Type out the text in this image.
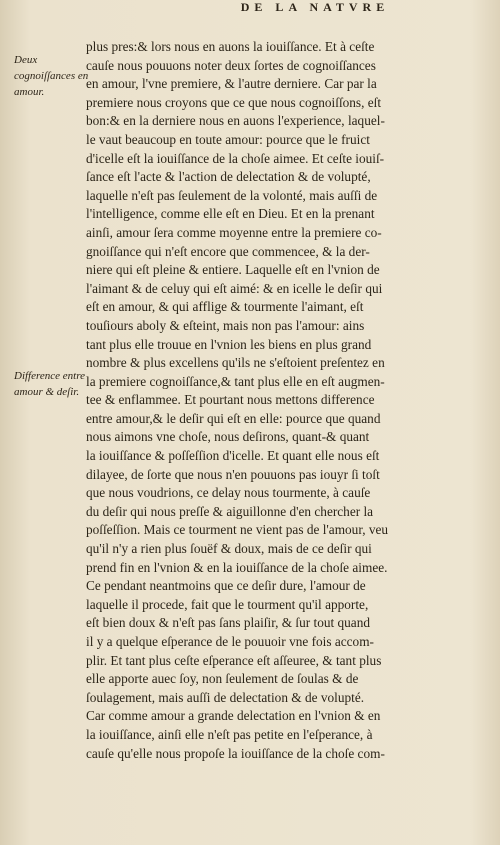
DE LA NATVRE
Deux cognoiſſances en amour.
Difference entre amour & deſir.
plus pres:& lors nous en auons la iouiſſance. Et à ceſte
cauſe nous pouuons noter deux ſortes de cognoiſſances
en amour, l'vne premiere, & l'autre derniere. Car par la
premiere nous croyons que ce que nous cognoiſſons, eſt
bon:& en la derniere nous en auons l'experience, laquel-
le vaut beaucoup en toute amour: pource que le fruict
d'icelle eſt la iouiſſance de la choſe aimee. Et ceſte iouiſ-
ſance eſt l'acte & l'action de delectation & de volupté,
laquelle n'eſt pas ſeulement de la volonté, mais auſſi de
l'intelligence, comme elle eſt en Dieu. Et en la prenant
ainſi, amour ſera comme moyenne entre la premiere co-
gnoiſſance qui n'eſt encore que commencee, & la der-
niere qui eſt pleine & entiere. Laquelle eſt en l'vnion de
l'aimant & de celuy qui eſt aimé: & en icelle le deſir qui
eſt en amour, & qui afflige & tourmente l'aimant, eſt
touſiours aboly & eſteint, mais non pas l'amour: ains
tant plus elle trouue en l'vnion les biens en plus grand
nombre & plus excellens qu'ils ne s'eſtoient preſentez en
la premiere cognoiſſance,& tant plus elle en eſt augmen-
tee & enflammee. Et pourtant nous mettons difference
entre amour,& le deſir qui eſt en elle: pource que quand
nous aimons vne choſe, nous deſirons, quant-& quant
la iouiſſance & poſſeſſion d'icelle. Et quant elle nous eſt
dilayee, de ſorte que nous n'en pouuons pas iouyr ſi toſt
que nous voudrions, ce delay nous tourmente, à cauſe
du deſir qui nous preſſe & aiguillonne d'en chercher la
poſſeſſion. Mais ce tourment ne vient pas de l'amour, veu
qu'il n'y a rien plus ſouëf & doux, mais de ce deſir qui
prend fin en l'vnion & en la iouiſſance de la choſe aimee.
Ce pendant neantmoins que ce deſir dure, l'amour de
laquelle il procede, fait que le tourment qu'il apporte,
eſt bien doux & n'eſt pas ſans plaiſir, & ſur tout quand
il y a quelque eſperance de le pouuoir vne fois accom-
plir. Et tant plus ceſte eſperance eſt aſſeuree, & tant plus
elle apporte auec ſoy, non ſeulement de ſoulas & de
ſoulagement, mais auſſi de delectation & de volupté.
Car comme amour a grande delectation en l'vnion & en
la iouiſſance, ainſi elle n'eſt pas petite en l'eſperance, à
cauſe qu'elle nous propoſe la iouiſſance de la choſe com-
